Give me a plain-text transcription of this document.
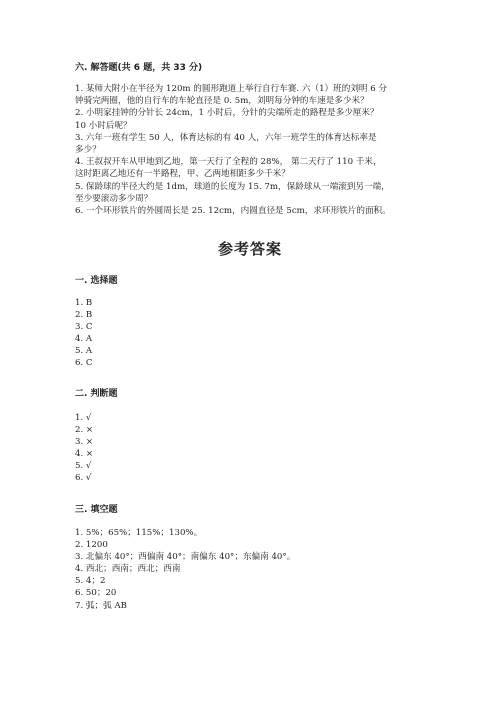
六. 解答题(共 6 题，共 33 分)
1. 某师大附小在半径为 120m 的圆形跑道上举行自行车赛. 六（1）班的刘明 6 分
钟骑完两圈，他的自行车的车轮直径是 0. 5m，刘明每分钟的车速是多少米？
2. 小明家挂钟的分针长 24cm，1 小时后，分针的尖端所走的路程是多少厘米？
10 小时后呢？
3. 六年一班有学生 50 人，体育达标的有 40 人，六年一班学生的体育达标率是
多少？
4. 王叔叔开车从甲地到乙地，第一天行了全程的 28%， 第二天行了 110 千米，
这时距离乙地还有一半路程，甲、乙两地相距多少千米？
5. 保龄球的半径大约是 1dm，球道的长度为 15. 7m，保龄球从一端滚到另一端，
至少要滚动多少周？
6. 一个环形铁片的外圆周长是 25. 12cm，内圆直径是 5cm，求环形铁片的面积。
参考答案
一. 选择题
1. B
2. B
3. C
4. A
5. A
6. C
二. 判断题
1. √
2. ×
3. ×
4. ×
5. √
6. √
三. 填空题
1. 5%；65%；115%；130%。
2. 1200
3. 北偏东 40°；西偏南 40°；南偏东 40°；东偏南 40°。
4. 西北；西南；西北；西南
5. 4；2
6. 50；20
7. 弧；弧 AB
